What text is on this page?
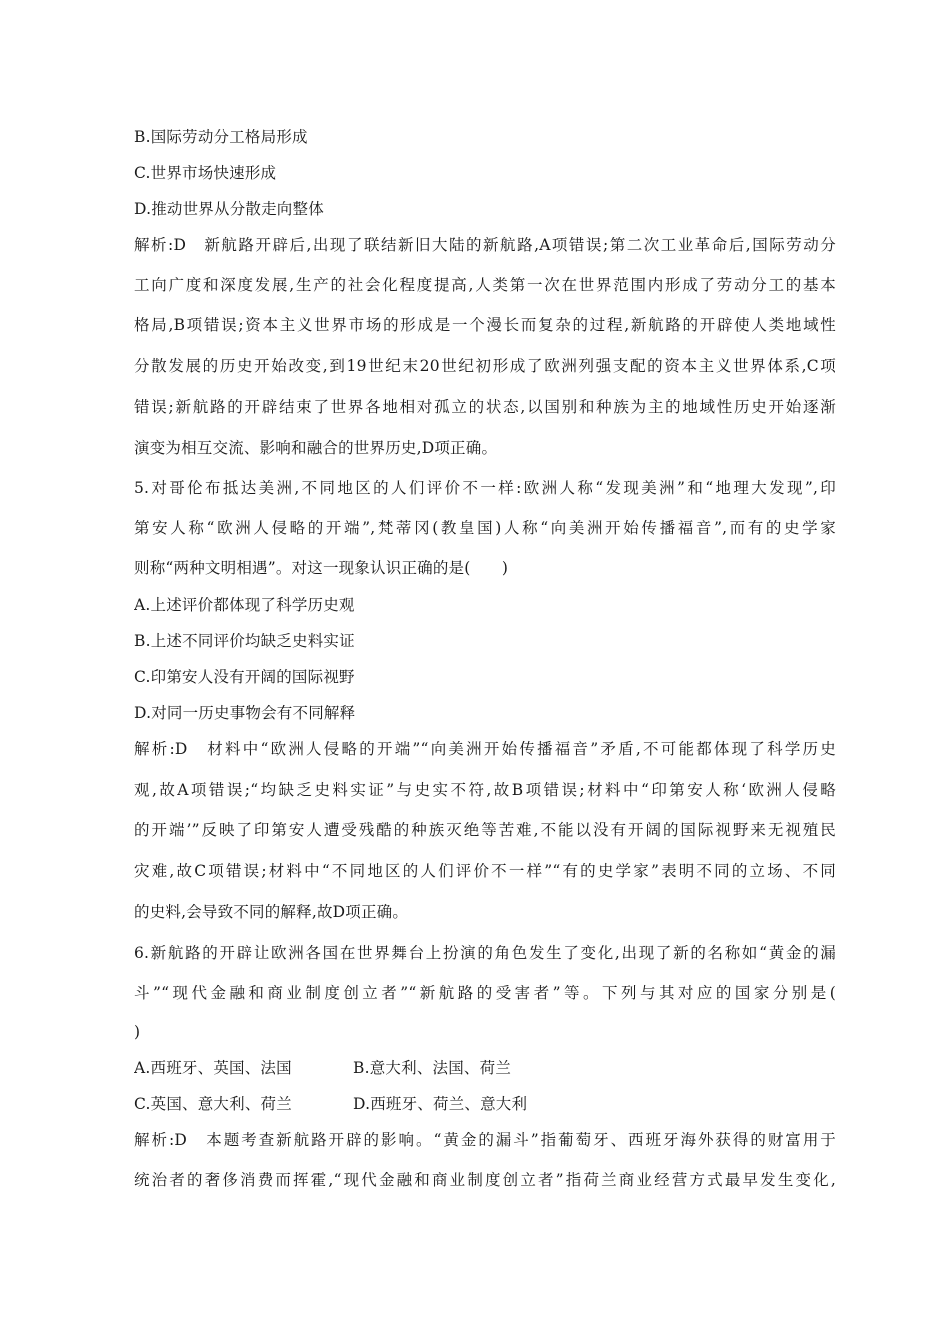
B.国际劳动分工格局形成
C.世界市场快速形成
D.推动世界从分散走向整体
解析:D　新航路开辟后,出现了联结新旧大陆的新航路,A项错误;第二次工业革命后,国际劳动分
工向广度和深度发展,生产的社会化程度提高,人类第一次在世界范围内形成了劳动分工的基本
格局,B项错误;资本主义世界市场的形成是一个漫长而复杂的过程,新航路的开辟使人类地域性
分散发展的历史开始改变,到19世纪末20世纪初形成了欧洲列强支配的资本主义世界体系,C项
错误;新航路的开辟结束了世界各地相对孤立的状态,以国别和种族为主的地域性历史开始逐渐
演变为相互交流、影响和融合的世界历史,D项正确。
5.对哥伦布抵达美洲,不同地区的人们评价不一样:欧洲人称“发现美洲”和“地理大发现”,印
第安人称“欧洲人侵略的开端”,梵蒂冈(教皇国)人称“向美洲开始传播福音”,而有的史学家
则称“两种文明相遇”。对这一现象认识正确的是(　　)
A.上述评价都体现了科学历史观
B.上述不同评价均缺乏史料实证
C.印第安人没有开阔的国际视野
D.对同一历史事物会有不同解释
解析:D　材料中“欧洲人侵略的开端”“向美洲开始传播福音”矛盾,不可能都体现了科学历史
观,故A项错误;“均缺乏史料实证”与史实不符,故B项错误;材料中“印第安人称‘欧洲人侵略
的开端’”反映了印第安人遭受残酷的种族灭绝等苦难,不能以没有开阔的国际视野来无视殖民
灾难,故C项错误;材料中“不同地区的人们评价不一样”“有的史学家”表明不同的立场、不同
的史料,会导致不同的解释,故D项正确。
6.新航路的开辟让欧洲各国在世界舞台上扮演的角色发生了变化,出现了新的名称如“黄金的漏
斗”“现代金融和商业制度创立者”“新航路的受害者”等。下列与其对应的国家分别是(
)
A.西班牙、英国、法国	B.意大利、法国、荷兰
C.英国、意大利、荷兰	D.西班牙、荷兰、意大利
解析:D　本题考查新航路开辟的影响。“黄金的漏斗”指葡萄牙、西班牙海外获得的财富用于
统治者的奢侈消费而挥霍,“现代金融和商业制度创立者”指荷兰商业经营方式最早发生变化,
